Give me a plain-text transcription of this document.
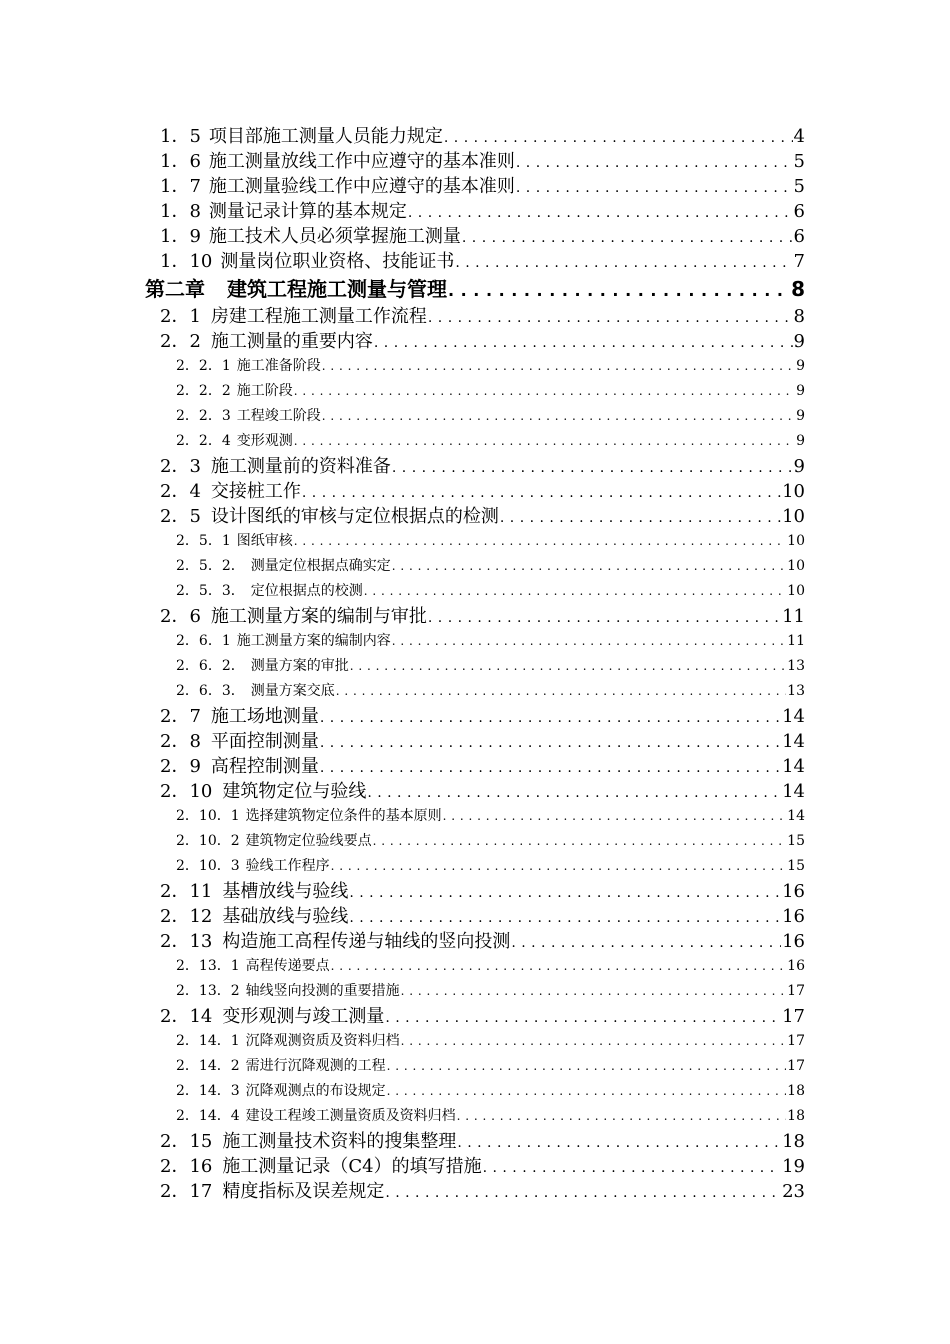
1．5 项目部施工测量人员能力规定 . . .	4
1．6 施工测量放线工作中应遵守的基本准则 . . .	5
1．7 施工测量验线工作中应遵守的基本准则 . . .	5
1．8 测量记录计算的基本规定 . . .	6
1．9 施工技术人员必须掌握施工测量 . . .	6
1．10 测量岗位职业资格、技能证书 . . .	7
第二章 建筑工程施工测量与管理 . . .	8
2．1 房建工程施工测量工作流程 . . .	8
2．2 施工测量的重要内容 . . .	9
2．2．1 施工准备阶段 . . .	9
2．2．2 施工阶段 . . .	9
2．2．3 工程竣工阶段 . . .	9
2．2．4 变形观测 . . .	9
2．3 施工测量前的资料准备 . . .	9
2．4 交接桩工作 . . .	10
2．5 设计图纸的审核与定位根据点的检测 . . .	10
2．5．1 图纸审核 . . .	10
2．5．2． 测量定位根据点确实定 . . .	10
2．5．3． 定位根据点的校测 . . .	10
2．6 施工测量方案的编制与审批 . . .	11
2．6．1 施工测量方案的编制内容 . . .	11
2．6．2． 测量方案的审批 . . .	13
2．6．3． 测量方案交底 . . .	13
2．7 施工场地测量 . . .	14
2．8 平面控制测量 . . .	14
2．9 高程控制测量 . . .	14
2．10 建筑物定位与验线 . . .	14
2．10．1 选择建筑物定位条件的基本原则 . . .	14
2．10．2 建筑物定位验线要点 . . .	15
2．10．3 验线工作程序 . . .	15
2．11 基槽放线与验线 . . .	16
2．12 基础放线与验线 . . .	16
2．13 构造施工高程传递与轴线的竖向投测 . . .	16
2．13．1 高程传递要点 . . .	16
2．13．2 轴线竖向投测的重要措施 . . .	17
2．14 变形观测与竣工测量 . . .	17
2．14．1 沉降观测资质及资料归档 . . .	17
2．14．2 需进行沉降观测的工程 . . .	17
2．14．3 沉降观测点的布设规定 . . .	18
2．14．4 建设工程竣工测量资质及资料归档 . . .	18
2．15 施工测量技术资料的搜集整理 . . .	18
2．16 施工测量记录（C4）的填写措施 . . .	19
2．17 精度指标及误差规定 . . .	23
